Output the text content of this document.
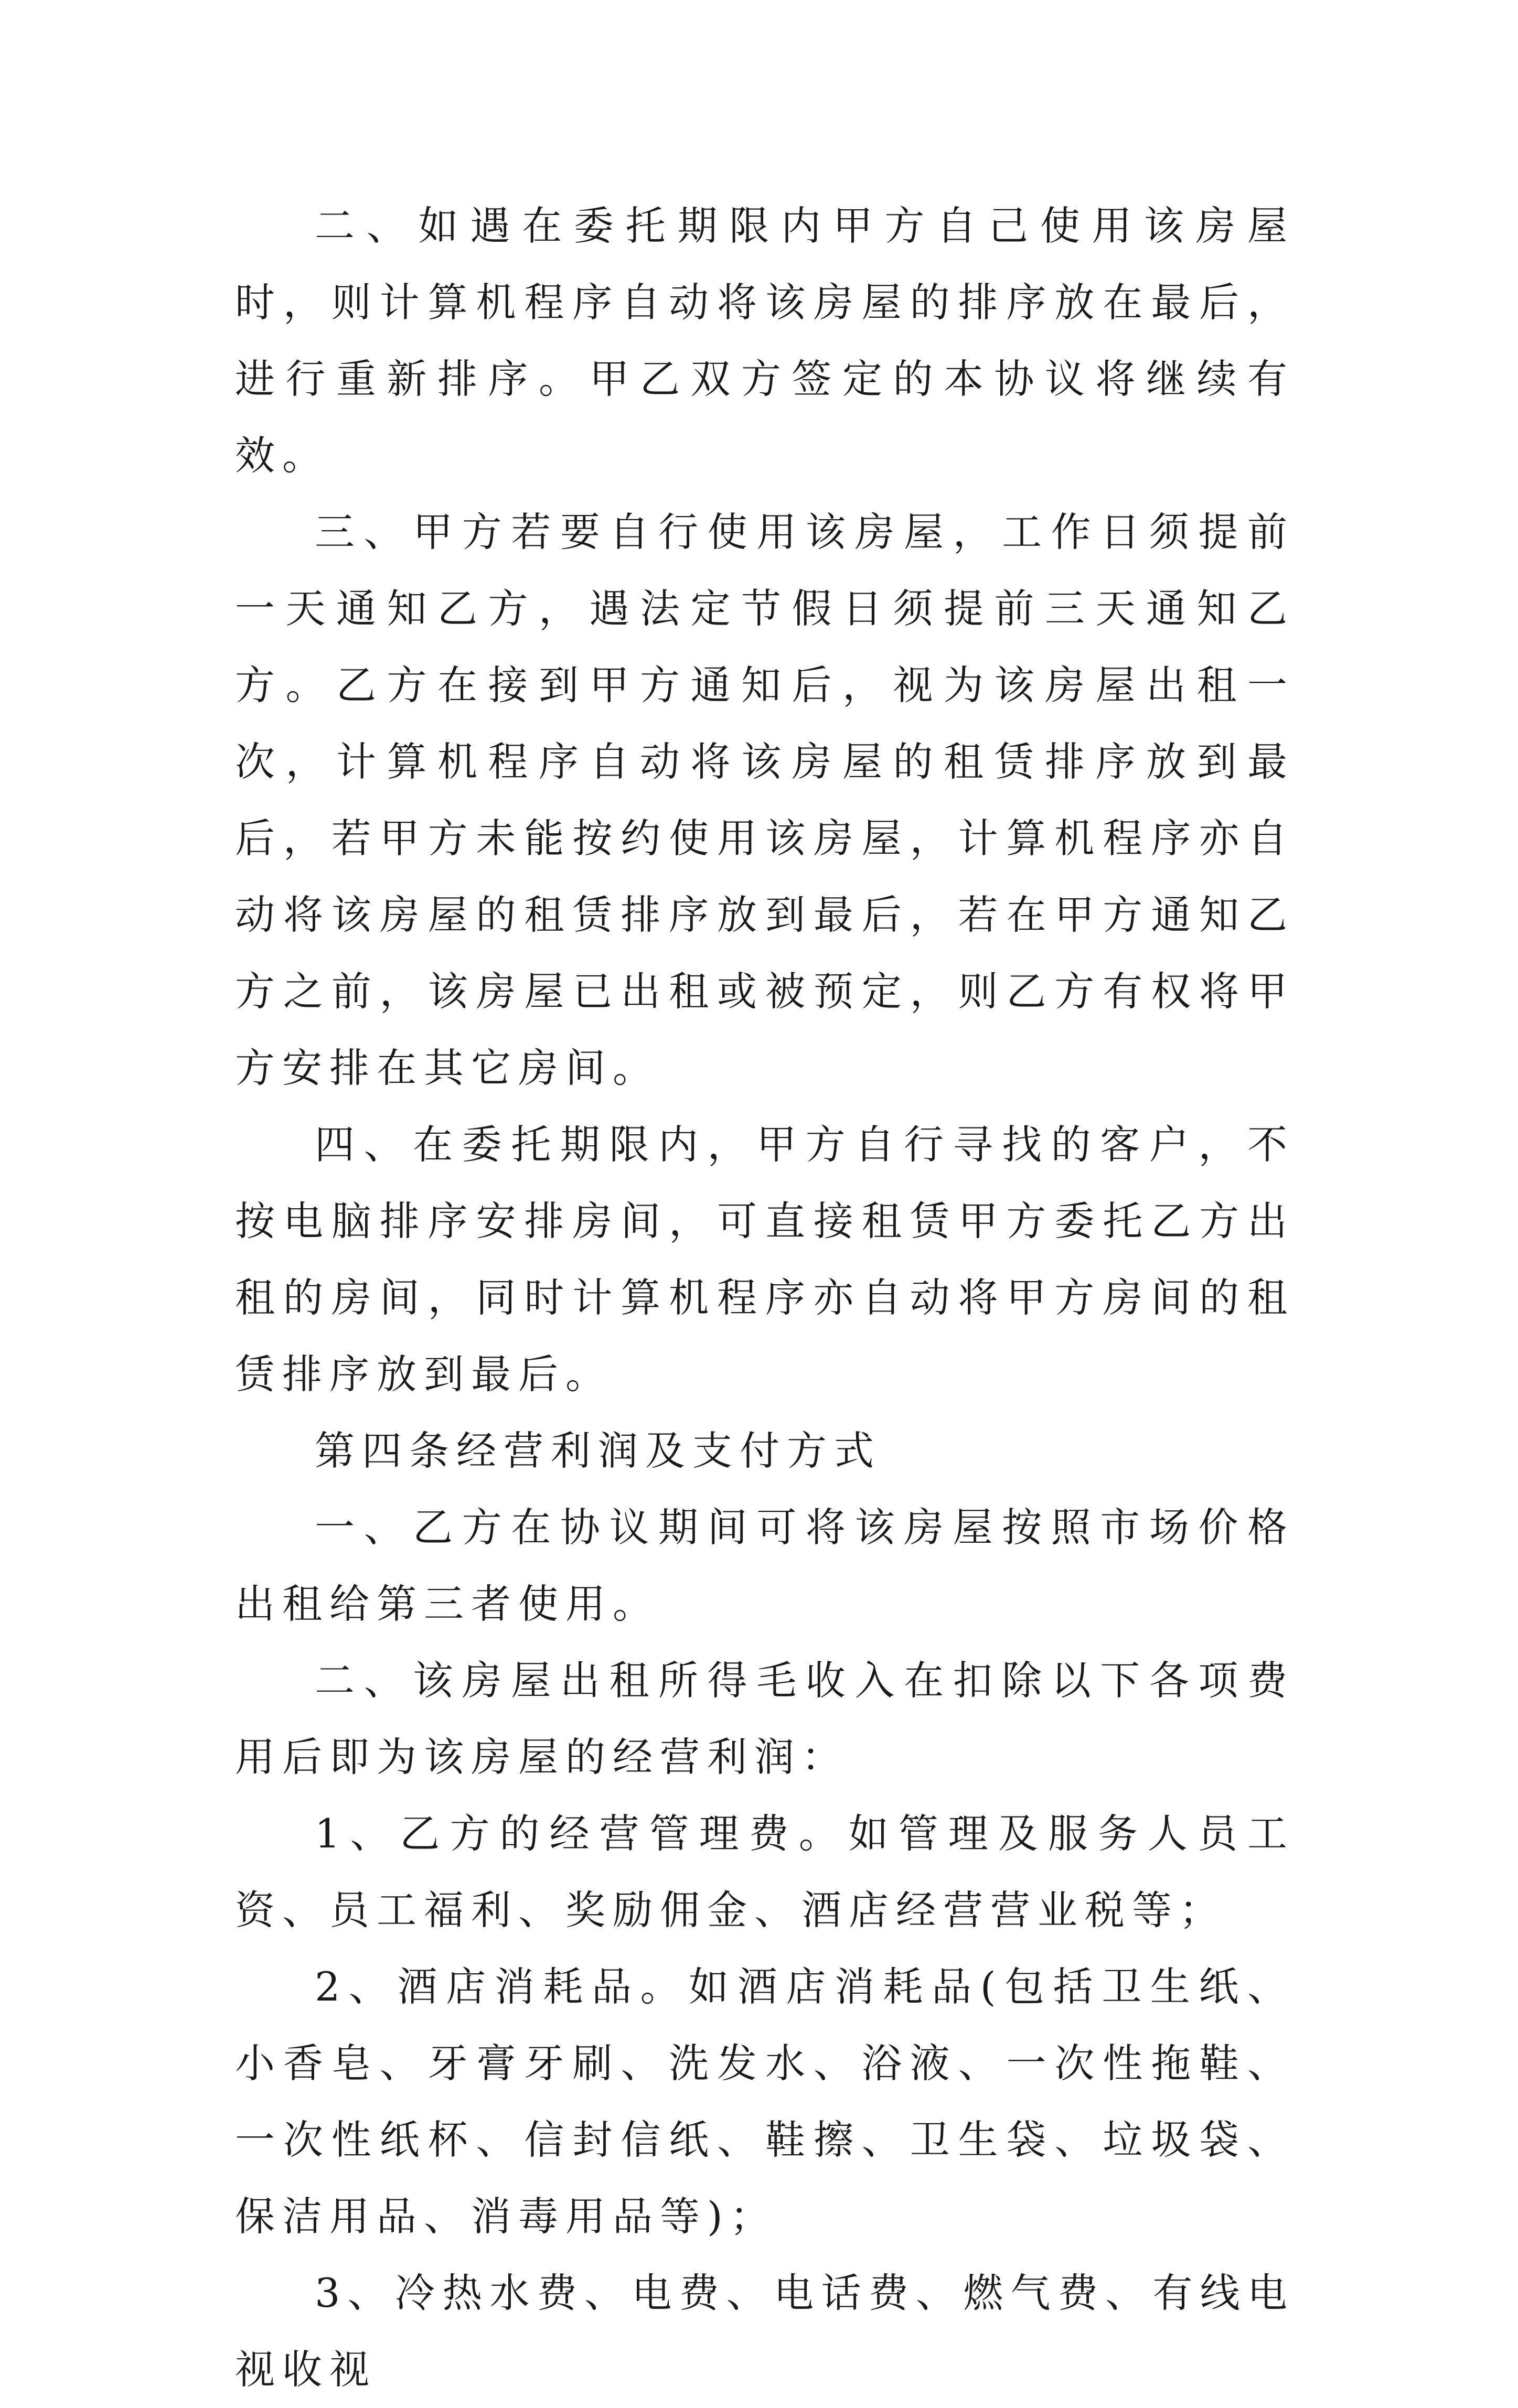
二、如遇在委托期限内甲方自己使用该房屋时，则计算机程序自动将该房屋的排序放在最后，进行重新排序。甲乙双方签定的本协议将继续有效。

三、甲方若要自行使用该房屋，工作日须提前一天通知乙方，遇法定节假日须提前三天通知乙方。乙方在接到甲方通知后，视为该房屋出租一次，计算机程序自动将该房屋的租赁排序放到最后，若甲方未能按约使用该房屋，计算机程序亦自动将该房屋的租赁排序放到最后，若在甲方通知乙方之前，该房屋已出租或被预定，则乙方有权将甲方安排在其它房间。

四、在委托期限内，甲方自行寻找的客户，不按电脑排序安排房间，可直接租赁甲方委托乙方出租的房间，同时计算机程序亦自动将甲方房间的租赁排序放到最后。

第四条经营利润及支付方式

一、乙方在协议期间可将该房屋按照市场价格出租给第三者使用。

二、该房屋出租所得毛收入在扣除以下各项费用后即为该房屋的经营利润：

1、乙方的经营管理费。如管理及服务人员工资、员工福利、奖励佣金、酒店经营营业税等；

2、酒店消耗品。如酒店消耗品(包括卫生纸、小香皂、牙膏牙刷、洗发水、浴液、一次性拖鞋、一次性纸杯、信封信纸、鞋擦、卫生袋、垃圾袋、保洁用品、消毒用品等)；

3、冷热水费、电费、电话费、燃气费、有线电视收视
